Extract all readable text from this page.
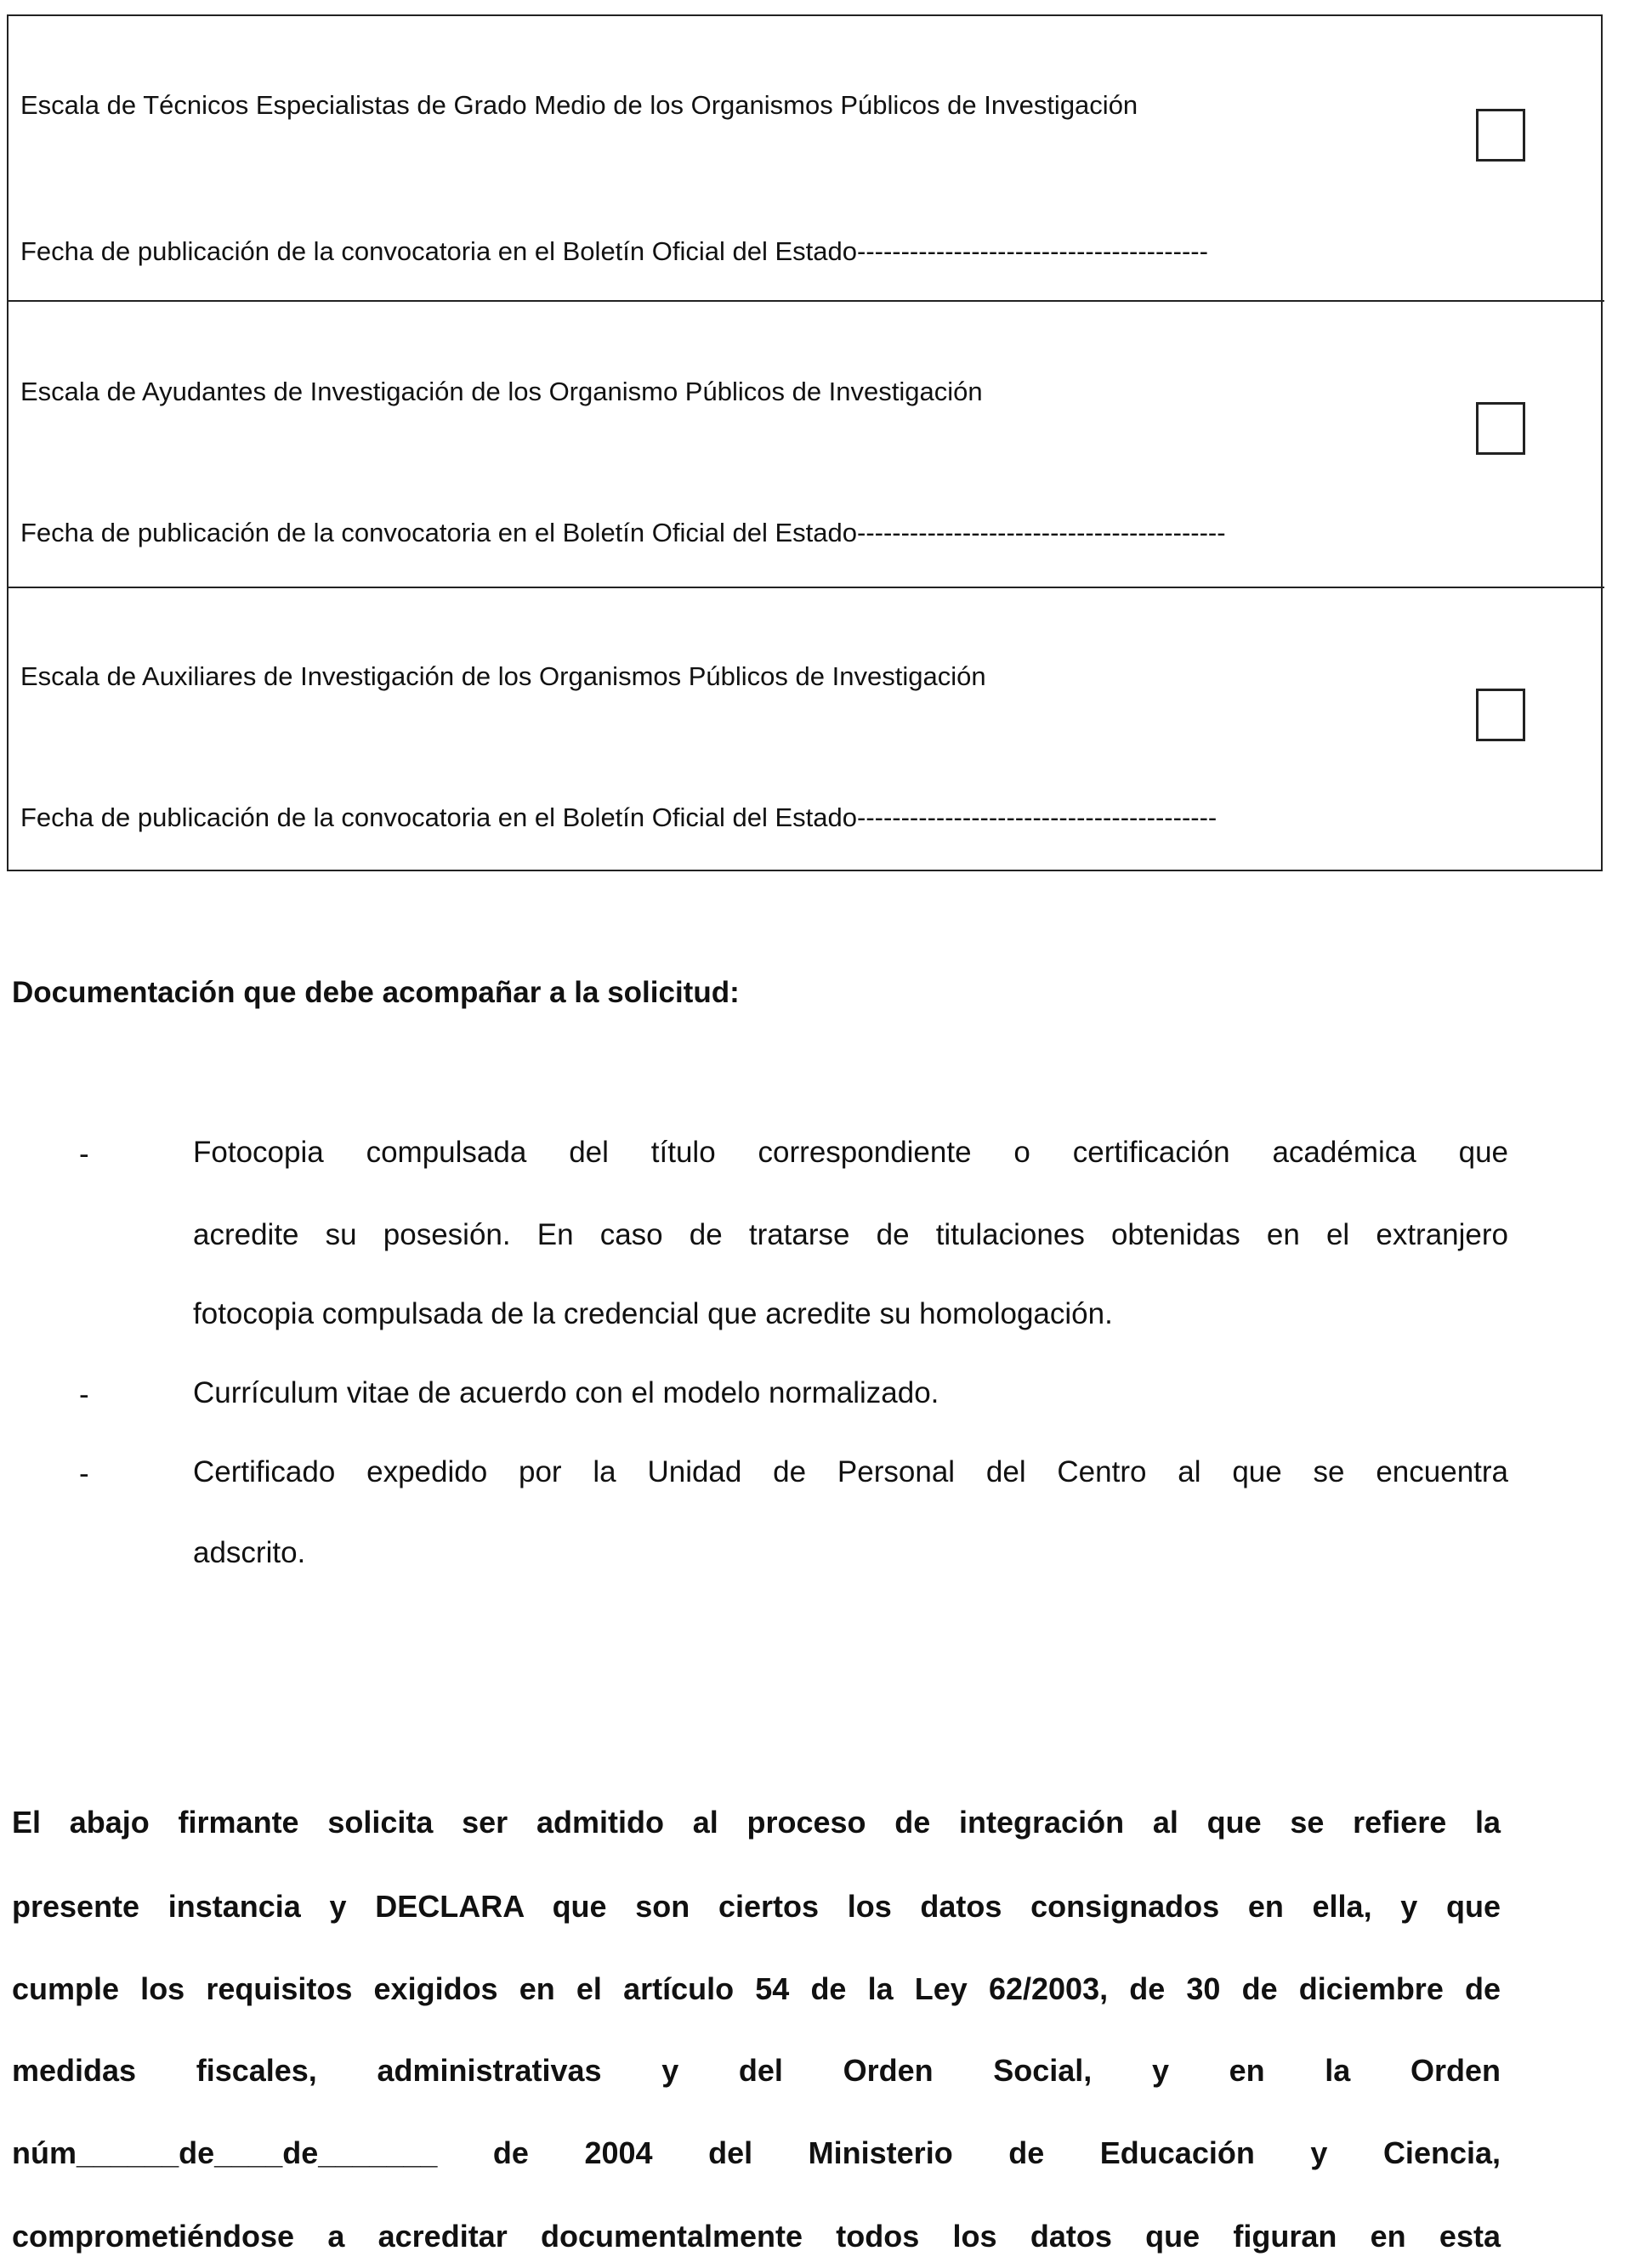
Escala de Técnicos Especialistas de Grado Medio de los Organismos Públicos de Investigación
Fecha de publicación de la convocatoria en el Boletín Oficial del Estado----------------------------------------
Escala de Ayudantes de Investigación de los Organismo Públicos de Investigación
Fecha de publicación de la convocatoria en el Boletín Oficial del Estado------------------------------------------
Escala de Auxiliares de Investigación de los Organismos Públicos de Investigación
Fecha de publicación de la convocatoria en el Boletín Oficial del Estado-----------------------------------------
Documentación que debe acompañar a la solicitud:
-	Fotocopia compulsada del título correspondiente o certificación académica que
acredite su posesión. En caso de tratarse de titulaciones obtenidas en el extranjero
fotocopia compulsada de la credencial que acredite su homologación.
-	Currículum vitae de acuerdo con el modelo normalizado.
-	Certificado expedido por la Unidad de Personal del Centro al que se encuentra
adscrito.
El abajo firmante solicita ser admitido al proceso de integración al que se refiere la
presente instancia y DECLARA que son ciertos los datos consignados en ella, y que
cumple los requisitos exigidos en el artículo 54 de la Ley 62/2003, de 30 de diciembre de
medidas fiscales, administrativas y del Orden Social, y en la Orden
núm______de____de_______ de 2004 del Ministerio de Educación y Ciencia,
comprometiéndose a acreditar documentalmente todos los datos que figuran en esta
